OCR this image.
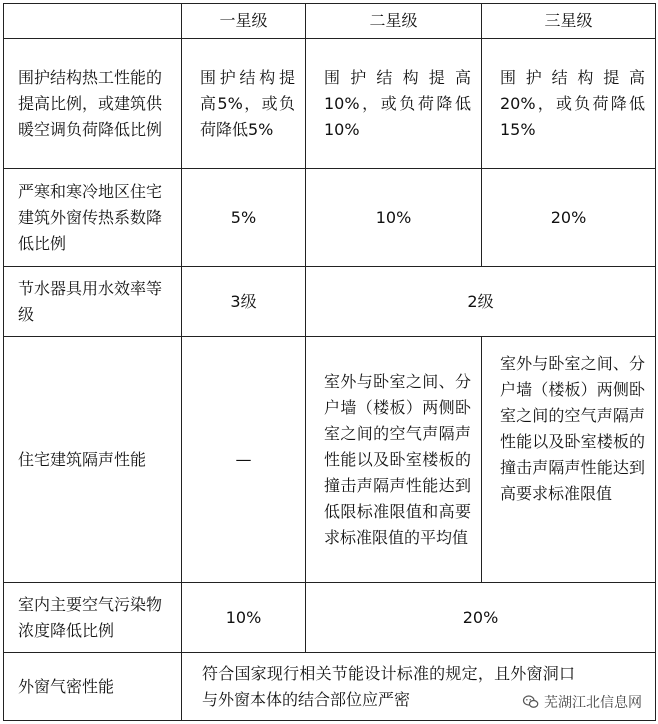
	一星级	二星级	三星级
围护结构热工性能的提高比例，或建筑供暖空调负荷降低比例	围护结构提高5%，或负荷降低5%	围护结构提高10%，或负荷降低10%	围护结构提高20%，或负荷降低15%
严寒和寒冷地区住宅建筑外窗传热系数降低比例	5%	10%	20%
节水器具用水效率等级	3级	2级	
住宅建筑隔声性能	—	室外与卧室之间、分户墙（楼板）两侧卧室之间的空气声隔声性能以及卧室楼板的撞击声隔声性能达到低限标准限值和高要求标准限值的平均值	室外与卧室之间、分户墙（楼板）两侧卧室之间的空气声隔声性能以及卧室楼板的撞击声隔声性能达到高要求标准限值
室内主要空气污染物浓度降低比例	10%	20%	
外窗气密性能	符合国家现行相关节能设计标准的规定，且外窗洞口与外窗本体的结合部位应严密			芜湖江北信息网
